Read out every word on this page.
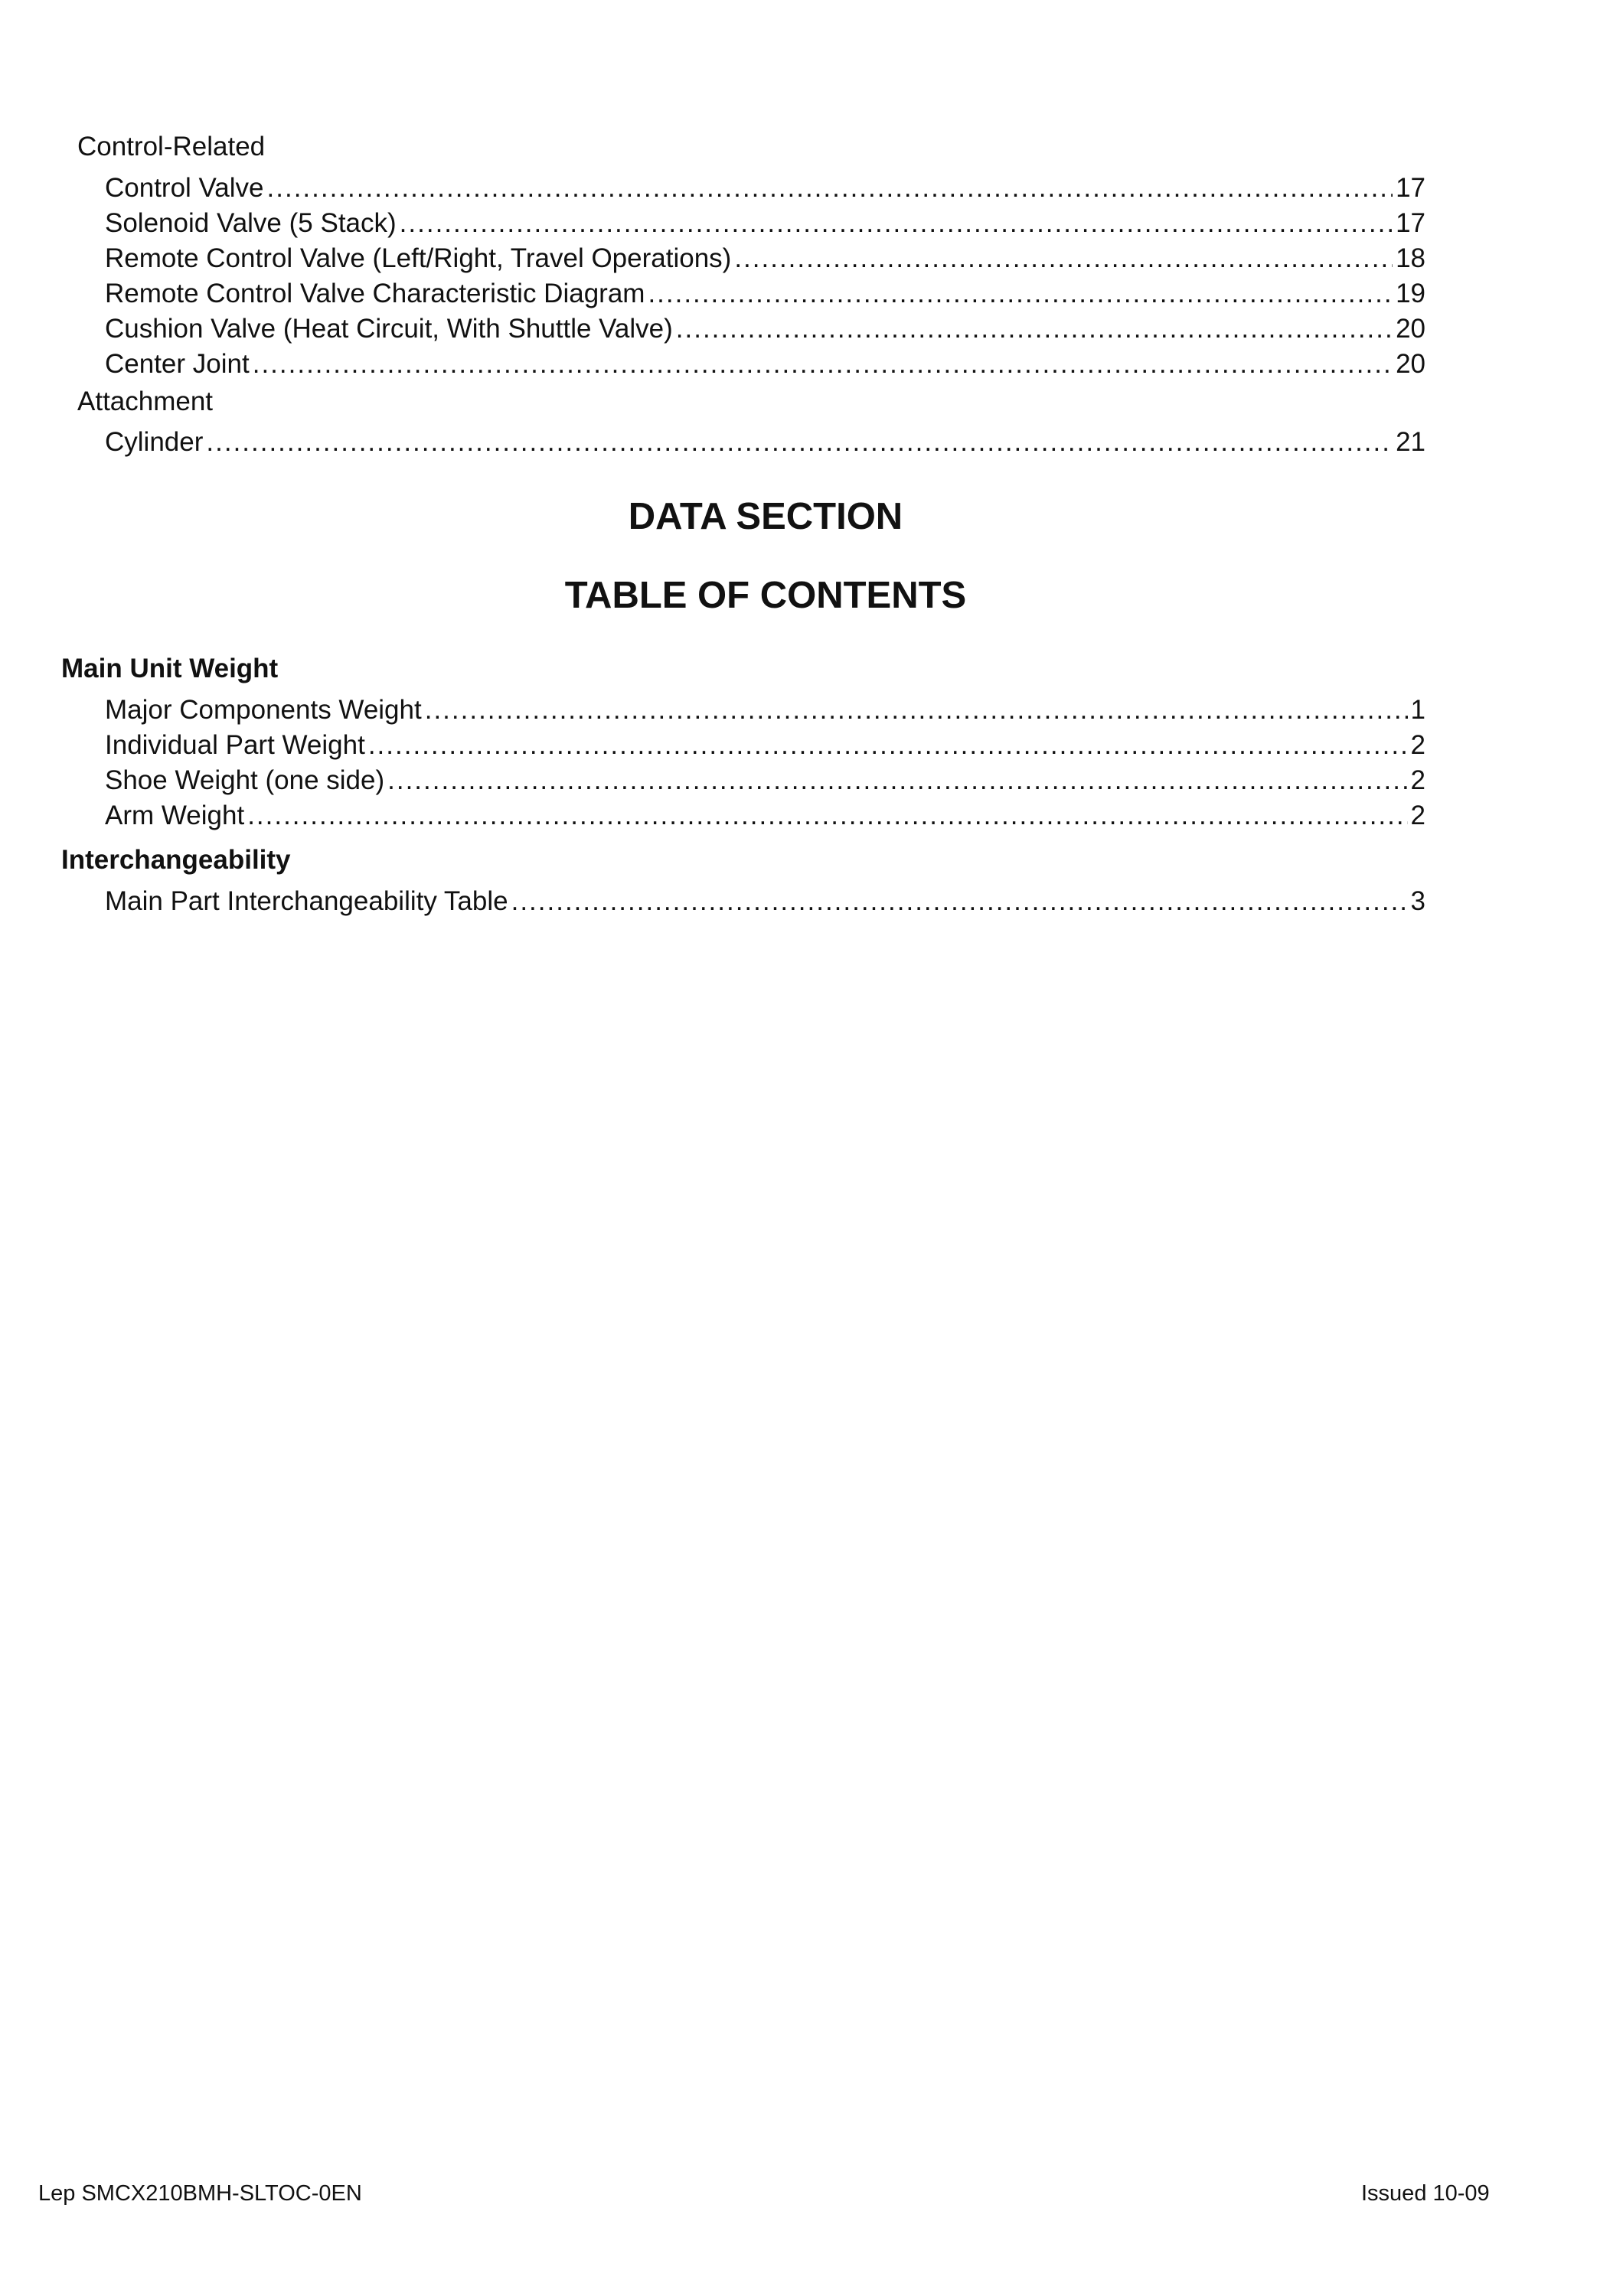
Control-Related
Control Valve .....	17
Solenoid Valve (5 Stack) .....	17
Remote Control Valve (Left/Right, Travel Operations) .....	18
Remote Control Valve Characteristic Diagram .....	19
Cushion Valve (Heat Circuit, With Shuttle Valve) .....	20
Center Joint .....	20
Attachment
Cylinder .....	21
DATA SECTION
TABLE OF CONTENTS
Main Unit Weight
Major Components Weight .....	1
Individual Part Weight .....	2
Shoe Weight (one side) .....	2
Arm Weight .....	2
Interchangeability
Main Part Interchangeability Table .....	3
Lep SMCX210BMH-SLTOC-0EN	Issued 10-09
